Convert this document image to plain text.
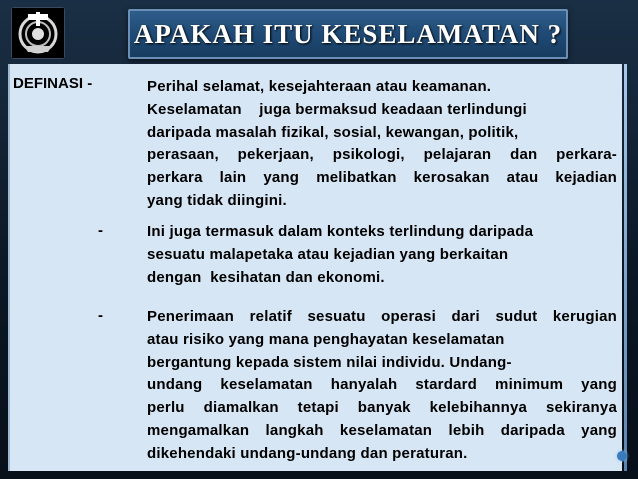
APAKAH ITU KESELAMATAN ?
DEFINASI -
-
-
Perihal selamat, kesejahteraan atau keamanan.
Keselamatan    juga bermaksud keadaan terlindungi
daripada masalah fizikal, sosial, kewangan, politik,
perasaan, pekerjaan, psikologi, pelajaran dan perkara-
perkara lain yang melibatkan kerosakan atau kejadian
yang tidak diingini.
Ini juga termasuk dalam konteks terlindung daripada
sesuatu malapetaka atau kejadian yang berkaitan
dengan  kesihatan dan ekonomi.
Penerimaan relatif sesuatu operasi dari sudut kerugian
atau risiko yang mana penghayatan keselamatan
bergantung kepada sistem nilai individu. Undang-
undang keselamatan hanyalah stardard minimum yang
perlu diamalkan tetapi banyak kelebihannya sekiranya
mengamalkan langkah keselamatan lebih daripada yang
dikehendaki undang-undang dan peraturan.
